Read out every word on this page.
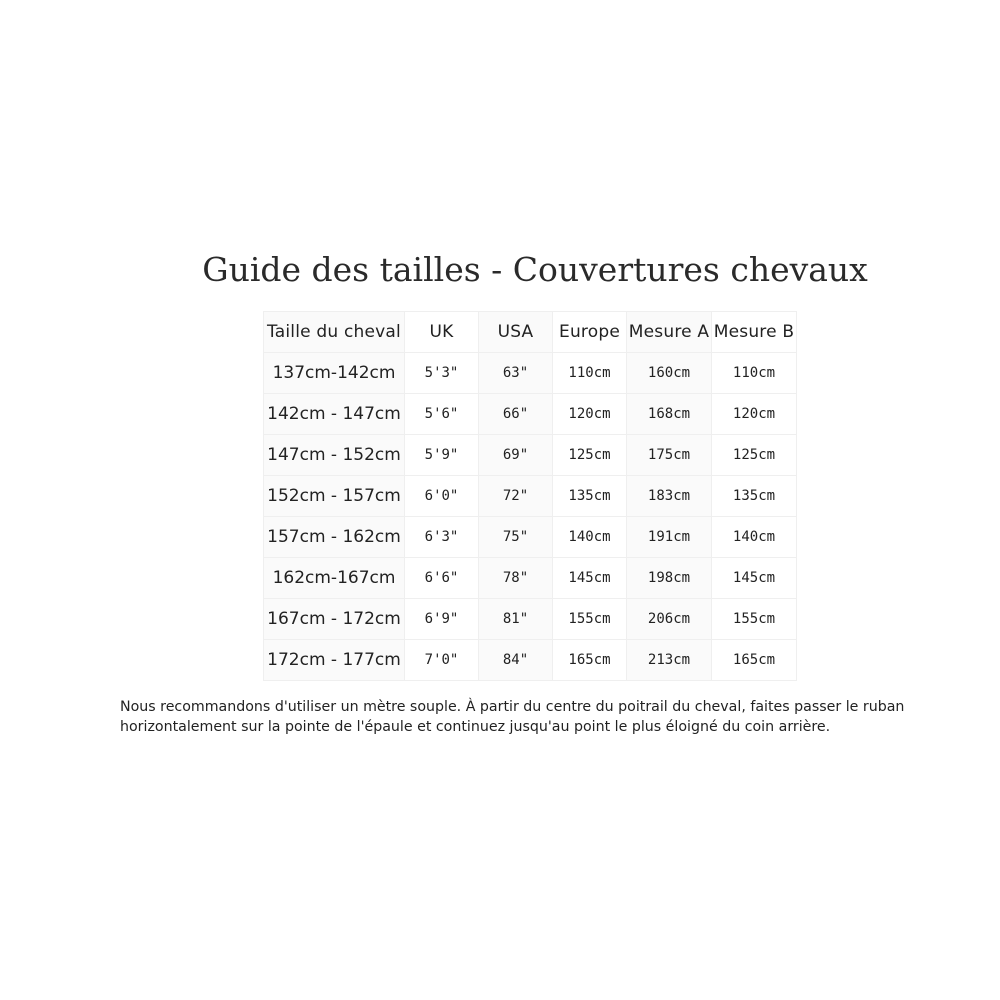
Guide des tailles - Couvertures chevaux
Taille du cheval	UK	USA	Europe	Mesure A	Mesure B
137cm-142cm	5'3"	63"	110cm	160cm	110cm
142cm - 147cm	5'6"	66"	120cm	168cm	120cm
147cm - 152cm	5'9"	69"	125cm	175cm	125cm
152cm - 157cm	6'0"	72"	135cm	183cm	135cm
157cm - 162cm	6'3"	75"	140cm	191cm	140cm
162cm-167cm	6'6"	78"	145cm	198cm	145cm
167cm - 172cm	6'9"	81"	155cm	206cm	155cm
172cm - 177cm	7'0"	84"	165cm	213cm	165cm

Nous recommandons d'utiliser un mètre souple. À partir du centre du poitrail du cheval, faites passer le ruban horizontalement sur la pointe de l'épaule et continuez jusqu'au point le plus éloigné du coin arrière.
